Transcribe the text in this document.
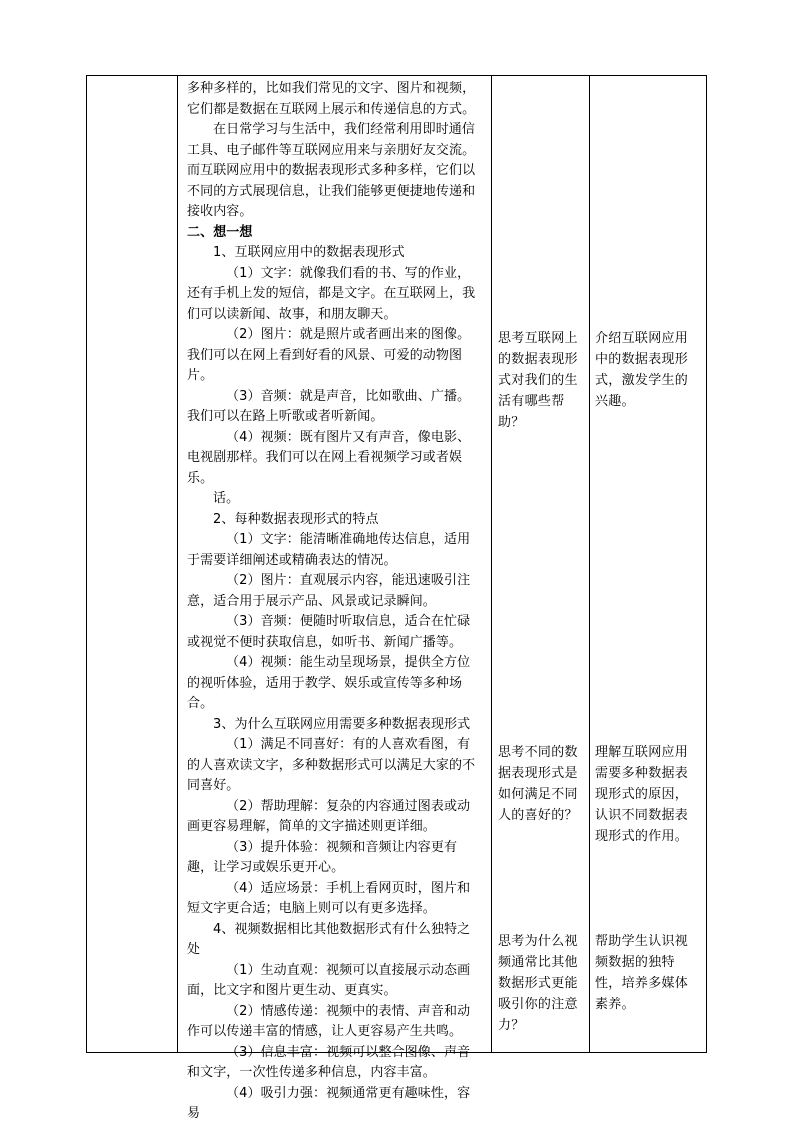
多种多样的，比如我们常见的文字、图片和视频，它们都是数据在互联网上展示和传递信息的方式。

在日常学习与生活中，我们经常利用即时通信工具、电子邮件等互联网应用来与亲朋好友交流。而互联网应用中的数据表现形式多种多样，它们以不同的方式展现信息，让我们能够更便捷地传递和接收内容。

二、想一想

1、互联网应用中的数据表现形式

（1）文字：就像我们看的书、写的作业，还有手机上发的短信，都是文字。在互联网上，我们可以读新闻、故事，和朋友聊天。

（2）图片：就是照片或者画出来的图像。我们可以在网上看到好看的风景、可爱的动物图片。

（3）音频：就是声音，比如歌曲、广播。我们可以在路上听歌或者听新闻。

（4）视频：既有图片又有声音，像电影、电视剧那样。我们可以在网上看视频学习或者娱乐。

话。

2、每种数据表现形式的特点

（1）文字：能清晰准确地传达信息，适用于需要详细阐述或精确表达的情况。

（2）图片：直观展示内容，能迅速吸引注意，适合用于展示产品、风景或记录瞬间。

（3）音频：便随时听取信息，适合在忙碌或视觉不便时获取信息，如听书、新闻广播等。

（4）视频：能生动呈现场景，提供全方位的视听体验，适用于教学、娱乐或宣传等多种场合。

3、为什么互联网应用需要多种数据表现形式

（1）满足不同喜好：有的人喜欢看图，有的人喜欢读文字，多种数据形式可以满足大家的不同喜好。

（2）帮助理解：复杂的内容通过图表或动画更容易理解，简单的文字描述则更详细。

（3）提升体验：视频和音频让内容更有趣，让学习或娱乐更开心。

（4）适应场景：手机上看网页时，图片和短文字更合适；电脑上则可以有更多选择。

4、视频数据相比其他数据形式有什么独特之处

（1）生动直观：视频可以直接展示动态画面，比文字和图片更生动、更真实。

（2）情感传递：视频中的表情、声音和动作可以传递丰富的情感，让人更容易产生共鸣。

（3）信息丰富：视频可以整合图像、声音和文字，一次性传递多种信息，内容丰富。

（4）吸引力强：视频通常更有趣味性，容易

思考互联网上的数据表现形式对我们的生活有哪些帮助？

思考不同的数据表现形式是如何满足不同人的喜好的？

思考为什么视频通常比其他数据形式更能吸引你的注意力？

介绍互联网应用中的数据表现形式，激发学生的兴趣。

理解互联网应用需要多种数据表现形式的原因，认识不同数据表现形式的作用。

帮助学生认识视频数据的独特性，培养多媒体素养。
